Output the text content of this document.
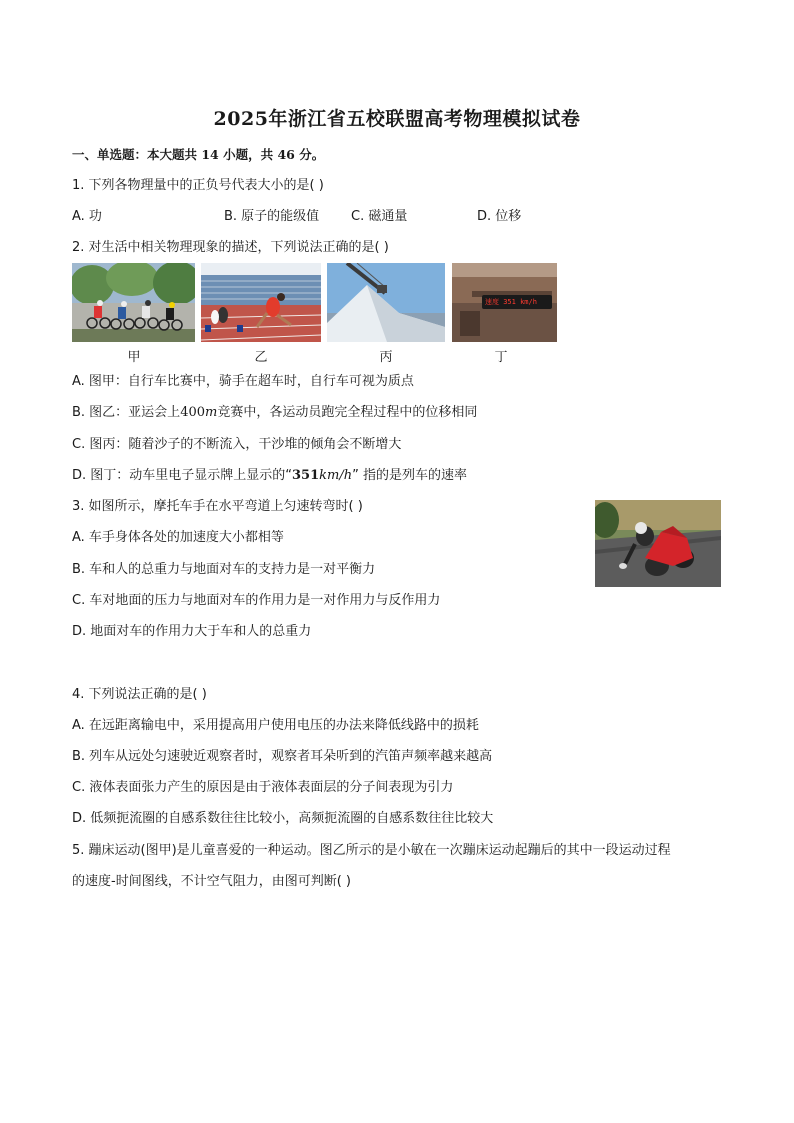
2025年浙江省五校联盟高考物理模拟试卷
一、单选题：本大题共 14 小题，共 46 分。
1. 下列各物理量中的正负号代表大小的是( )
A. 功	B. 原子的能级值 C. 磁通量	D. 位移
2. 对生活中相关物理现象的描述，下列说法正确的是( )
速度 351 km/h
甲	乙	丙	丁
A. 图甲：自行车比赛中，骑手在超车时，自行车可视为质点
B. 图乙：亚运会上400m竞赛中，各运动员跑完全程过程中的位移相同
C. 图丙：随着沙子的不断流入，干沙堆的倾角会不断增大
D. 图丁：动车里电子显示牌上显示的“351km/h” 指的是列车的速率
3. 如图所示，摩托车手在水平弯道上匀速转弯时( )
A. 车手身体各处的加速度大小都相等
B. 车和人的总重力与地面对车的支持力是一对平衡力
C. 车对地面的压力与地面对车的作用力是一对作用力与反作用力
D. 地面对车的作用力大于车和人的总重力
4. 下列说法正确的是( )
A. 在远距离输电中，采用提高用户使用电压的办法来降低线路中的损耗
B. 列车从远处匀速驶近观察者时，观察者耳朵听到的汽笛声频率越来越高
C. 液体表面张力产生的原因是由于液体表面层的分子间表现为引力
D. 低频扼流圈的自感系数往往比较小，高频扼流圈的自感系数往往比较大
5. 蹦床运动(图甲)是儿童喜爱的一种运动。图乙所示的是小敏在一次蹦床运动起蹦后的其中一段运动过程
的速度-时间图线，不计空气阻力，由图可判断( )
